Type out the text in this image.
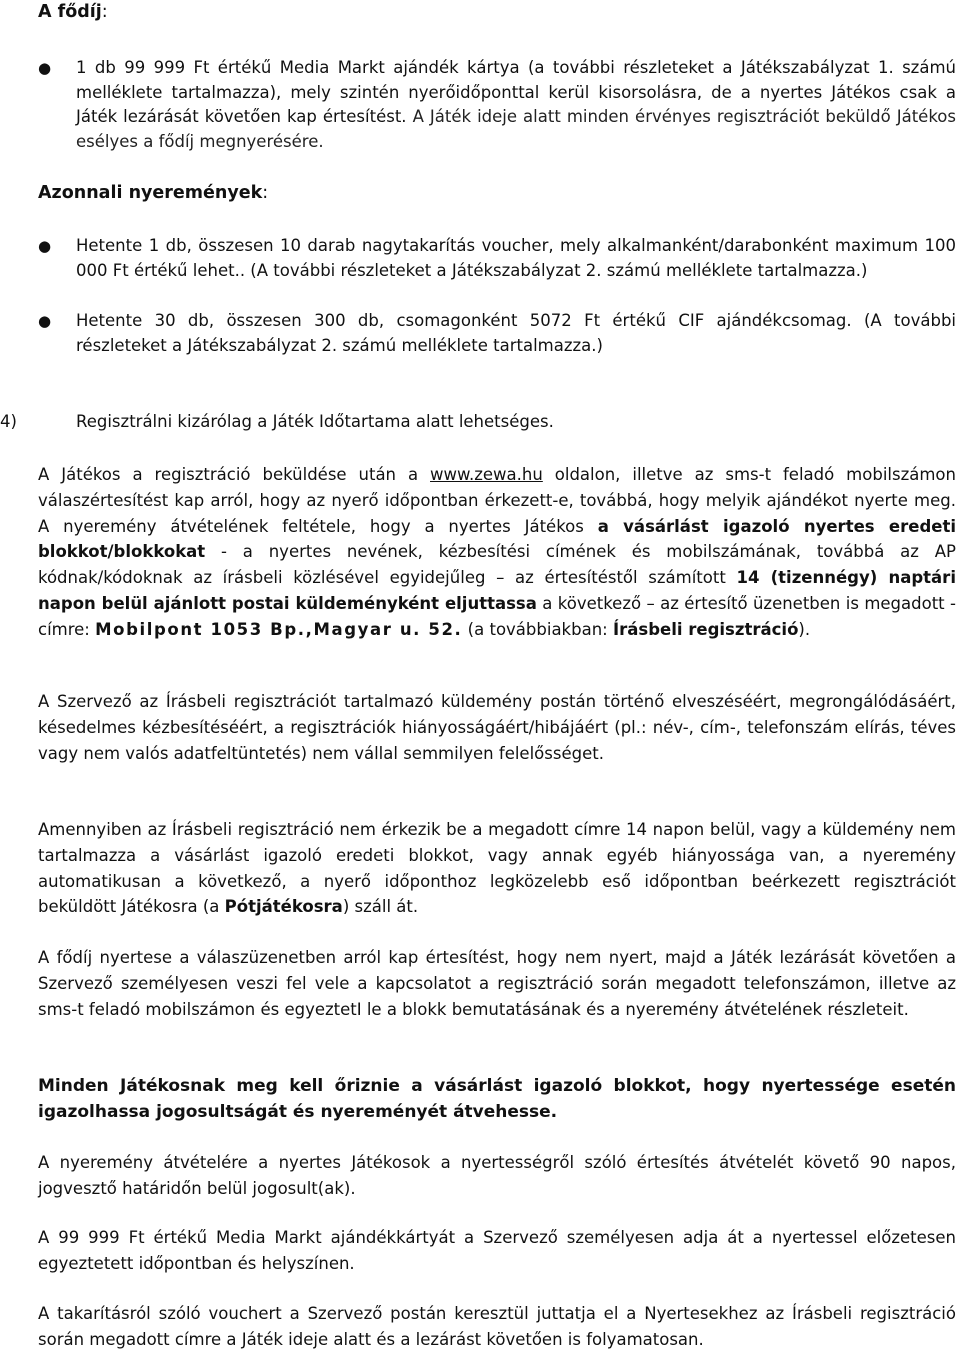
A fődíj:
● 1 db 99 999 Ft értékű Media Markt ajándék kártya (a további részleteket a Játékszabályzat 1. számú melléklete tartalmazza), mely szintén nyerőidőponttal kerül kisorsolásra, de a nyertes Játékos csak a Játék lezárását követően kap értesítést. A Játék ideje alatt minden érvényes regisztrációt beküldő Játékos esélyes a fődíj megnyerésére.
Azonnali nyeremények:
● Hetente 1 db, összesen 10 darab nagytakarítás voucher, mely alkalmanként/darabonként maximum 100 000 Ft értékű lehet.. (A további részleteket a Játékszabályzat 2. számú melléklete tartalmazza.)
● Hetente 30 db, összesen 300 db, csomagonként 5072 Ft értékű CIF ajándékcsomag. (A további részleteket a Játékszabályzat 2. számú melléklete tartalmazza.)
4)	Regisztrálni kizárólag a Játék Időtartama alatt lehetséges.

A Játékos a regisztráció beküldése után a www.zewa.hu oldalon, illetve az sms-t feladó mobilszámon válaszértesítést kap arról, hogy az nyerő időpontban érkezett-e, továbbá, hogy melyik ajándékot nyerte meg. A nyeremény átvételének feltétele, hogy a nyertes Játékos a vásárlást igazoló nyertes eredeti blokkot/blokkokat - a nyertes nevének, kézbesítési címének és mobilszámának, továbbá az AP kódnak/kódoknak az írásbeli közlésével egyidejűleg – az értesítéstől számított 14 (tizennégy) naptári napon belül ajánlott postai küldeményként eljuttassa a következő – az értesítő üzenetben is megadott - címre: Mobilpont 1053 Bp.,Magyar u. 52. (a továbbiakban: Írásbeli regisztráció).

A Szervező az Írásbeli regisztrációt tartalmazó küldemény postán történő elveszéséért, megrongálódásáért, késedelmes kézbesítéséért, a regisztrációk hiányosságáért/hibájáért (pl.: név-, cím-, telefonszám elírás, téves vagy nem valós adatfeltüntetés) nem vállal semmilyen felelősséget.

Amennyiben az Írásbeli regisztráció nem érkezik be a megadott címre 14 napon belül, vagy a küldemény nem tartalmazza a vásárlást igazoló eredeti blokkot, vagy annak egyéb hiányossága van, a nyeremény automatikusan a következő, a nyerő időponthoz legközelebb eső időpontban beérkezett regisztrációt beküldött Játékosra (a Pótjátékosra) száll át.

A fődíj nyertese a válaszüzenetben arról kap értesítést, hogy nem nyert, majd a Játék lezárását követően a Szervező személyesen veszi fel vele a kapcsolatot a regisztráció során megadott telefonszámon, illetve az sms-t feladó mobilszámon és egyeztetI le a blokk bemutatásának és a nyeremény átvételének részleteit.

Minden Játékosnak meg kell őriznie a vásárlást igazoló blokkot, hogy nyertessége esetén igazolhassa jogosultságát és nyereményét átvehesse.

A nyeremény átvételére a nyertes Játékosok a nyertességről szóló értesítés átvételét követő 90 napos, jogvesztő határidőn belül jogosult(ak).

A 99 999 Ft értékű Media Markt ajándékkártyát a Szervező személyesen adja át a nyertessel előzetesen egyeztetett időpontban és helyszínen.

A takarításról szóló vouchert a Szervező postán keresztül juttatja el a Nyertesekhez az Írásbeli regisztráció során megadott címre a Játék ideje alatt és a lezárást követően is folyamatosan.
